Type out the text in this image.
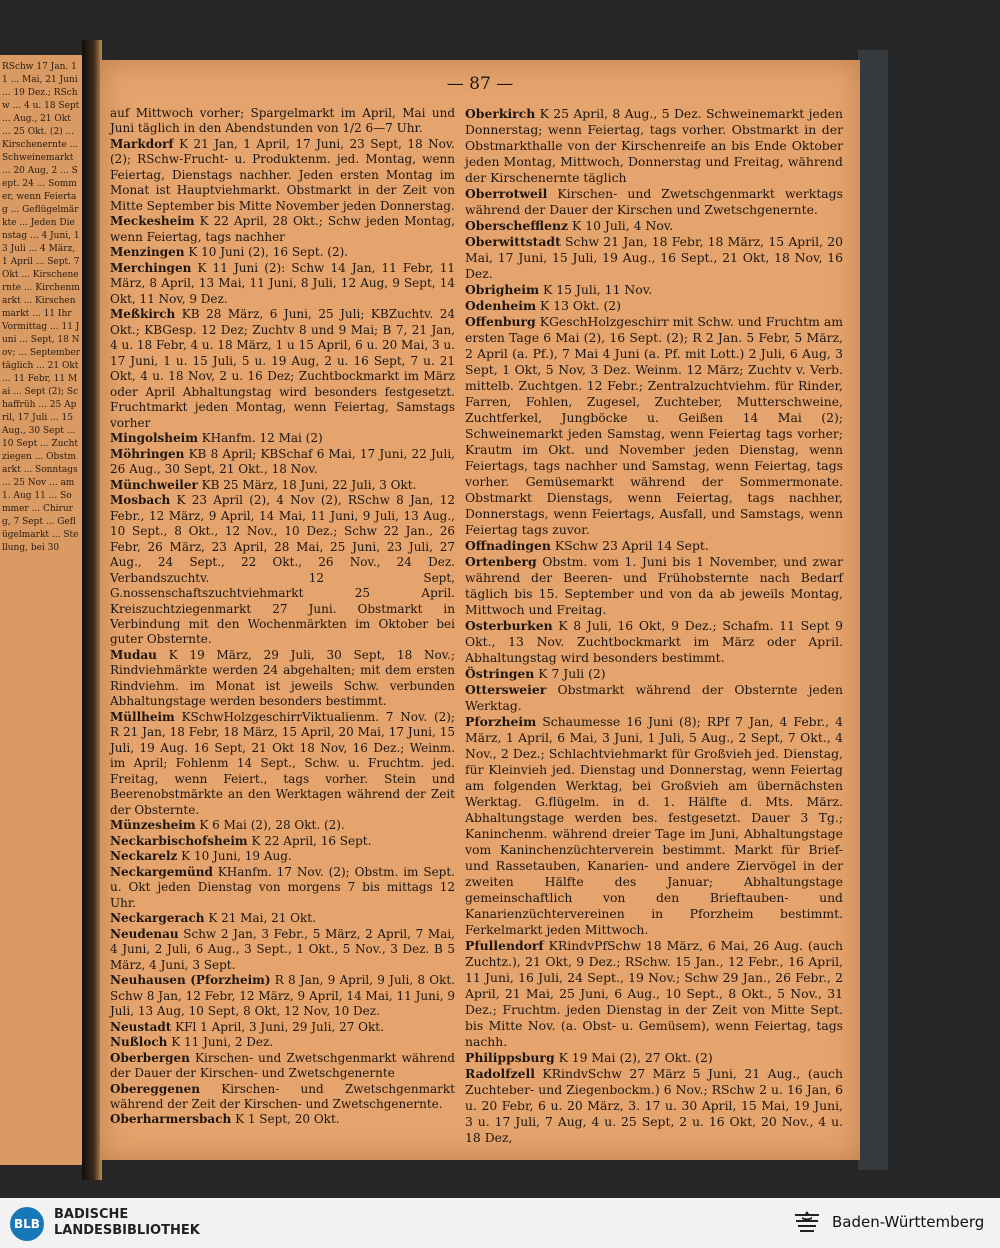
RSchw 17 Jan. 11 ... Mai, 21 Juni ... 19 Dez.; RSchw ... 4 u. 18 Sept ... Aug., 21 Okt ... 25 Okt. (2) ... Kirschenernte ... Schweinemarkt ... 20 Aug, 2 ... Sept. 24 ... Sommer, wenn Feiertag ... Geflügelmärkte ... Jeden Dienstag ... 4 Juni, 13 Juli ... 4 März, 1 April ... Sept. 7 Okt ... Kirschenernte ... Kirchenmarkt ... Kirschenmarkt ... 11 Ihr Vormittag ... 11 Juni ... Sept, 18 Nov; ... September täglich ... 21 Okt ... 11 Febr, 11 Mai ... Sept (2); Schaffrüh ... 25 April, 17 Juli ... 15 Aug., 30 Sept ... 10 Sept ... Zuchtziegen ... Obstmarkt ... Sonntags ... 25 Nov ... am 1. Aug 11 ... Sommer ... Chirurg, 7 Sept ... Geflügelmarkt ... Stellung, bei 30
— 87 —
auf Mittwoch vorher; Spargelmarkt im April, Mai und Juni täglich in den Abendstunden von 1/2 6—7 Uhr.
Markdorf K 21 Jan, 1 April, 17 Juni, 23 Sept, 18 Nov. (2); RSchw-Frucht- u. Produktenm. jed. Montag, wenn Feiertag, Dienstags nachher. Jeden ersten Montag im Monat ist Hauptviehmarkt. Obstmarkt in der Zeit von Mitte September bis Mitte November jeden Donnerstag.
Meckesheim K 22 April, 28 Okt.; Schw jeden Montag, wenn Feiertag, tags nachher
Menzingen K 10 Juni (2), 16 Sept. (2).
Merchingen K 11 Juni (2): Schw 14 Jan, 11 Febr, 11 März, 8 April, 13 Mai, 11 Juni, 8 Juli, 12 Aug, 9 Sept, 14 Okt, 11 Nov, 9 Dez.
Meßkirch KB 28 März, 6 Juni, 25 Juli; KBZuchtv. 24 Okt.; KBGesp. 12 Dez; Zuchtv 8 und 9 Mai; B 7, 21 Jan, 4 u. 18 Febr, 4 u. 18 März, 1 u 15 April, 6 u. 20 Mai, 3 u. 17 Juni, 1 u. 15 Juli, 5 u. 19 Aug, 2 u. 16 Sept, 7 u. 21 Okt, 4 u. 18 Nov, 2 u. 16 Dez; Zuchtbockmarkt im März oder April Abhaltungstag wird besonders festgesetzt. Fruchtmarkt jeden Montag, wenn Feiertag, Samstags vorher
Mingolsheim KHanfm. 12 Mai (2)
Möhringen KB 8 April; KBSchaf 6 Mai, 17 Juni, 22 Juli, 26 Aug., 30 Sept, 21 Okt., 18 Nov.
Münchweiler KB 25 März, 18 Juni, 22 Juli, 3 Okt.
Mosbach K 23 April (2), 4 Nov (2), RSchw 8 Jan, 12 Febr., 12 März, 9 April, 14 Mai, 11 Juni, 9 Juli, 13 Aug., 10 Sept., 8 Okt., 12 Nov., 10 Dez.; Schw 22 Jan., 26 Febr, 26 März, 23 April, 28 Mai, 25 Juni, 23 Juli, 27 Aug., 24 Sept., 22 Okt., 26 Nov., 24 Dez. Verbandszuchtv. 12 Sept, G.nossenschaftszuchtviehmarkt 25 April. Kreiszuchtziegenmarkt 27 Juni. Obstmarkt in Verbindung mit den Wochenmärkten im Oktober bei guter Obsternte.
Mudau K 19 März, 29 Juli, 30 Sept, 18 Nov.; Rindviehmärkte werden 24 abgehalten; mit dem ersten Rindviehm. im Monat ist jeweils Schw. verbunden Abhaltungstage werden besonders bestimmt.
Müllheim KSchwHolzgeschirrViktualienm. 7 Nov. (2); R 21 Jan, 18 Febr, 18 März, 15 April, 20 Mai, 17 Juni, 15 Juli, 19 Aug. 16 Sept, 21 Okt 18 Nov, 16 Dez.; Weinm. im April; Fohlenm 14 Sept., Schw. u. Fruchtm. jed. Freitag, wenn Feiert., tags vorher. Stein und Beerenobstmärkte an den Werktagen während der Zeit der Obsternte.
Münzesheim K 6 Mai (2), 28 Okt. (2).
Neckarbischofsheim K 22 April, 16 Sept.
Neckarelz K 10 Juni, 19 Aug.
Neckargemünd KHanfm. 17 Nov. (2); Obstm. im Sept. u. Okt jeden Dienstag von morgens 7 bis mittags 12 Uhr.
Neckargerach K 21 Mai, 21 Okt.
Neudenau Schw 2 Jan, 3 Febr., 5 März, 2 April, 7 Mai, 4 Juni, 2 Juli, 6 Aug., 3 Sept., 1 Okt., 5 Nov., 3 Dez. B 5 März, 4 Juni, 3 Sept.
Neuhausen (Pforzheim) R 8 Jan, 9 April, 9 Juli, 8 Okt. Schw 8 Jan, 12 Febr, 12 März, 9 April, 14 Mai, 11 Juni, 9 Juli, 13 Aug, 10 Sept, 8 Okt, 12 Nov, 10 Dez.
Neustadt KFl 1 April, 3 Juni, 29 Juli, 27 Okt.
Nußloch K 11 Juni, 2 Dez.
Oberbergen Kirschen- und Zwetschgenmarkt während der Dauer der Kirschen- und Zwetschgenernte
Obereggenen Kirschen- und Zwetschgenmarkt während der Zeit der Kirschen- und Zwetschgenernte.
Oberharmersbach K 1 Sept, 20 Okt.
Oberkirch K 25 April, 8 Aug., 5 Dez. Schweinemarkt jeden Donnerstag; wenn Feiertag, tags vorher. Obstmarkt in der Obstmarkthalle von der Kirschenreife an bis Ende Oktober jeden Montag, Mittwoch, Donnerstag und Freitag, während der Kirschenernte täglich
Oberrotweil Kirschen- und Zwetschgenmarkt werktags während der Dauer der Kirschen und Zwetschgenernte.
Oberschefflenz K 10 Juli, 4 Nov.
Oberwittstadt Schw 21 Jan, 18 Febr, 18 März, 15 April, 20 Mai, 17 Juni, 15 Juli, 19 Aug., 16 Sept., 21 Okt, 18 Nov, 16 Dez.
Obrigheim K 15 Juli, 11 Nov.
Odenheim K 13 Okt. (2)
Offenburg KGeschHolzgeschirr mit Schw. und Fruchtm am ersten Tage 6 Mai (2), 16 Sept. (2); R 2 Jan. 5 Febr, 5 März, 2 April (a. Pf.), 7 Mai 4 Juni (a. Pf. mit Lott.) 2 Juli, 6 Aug, 3 Sept, 1 Okt, 5 Nov, 3 Dez. Weinm. 12 März; Zuchtv v. Verb. mittelb. Zuchtgen. 12 Febr.; Zentralzuchtviehm. für Rinder, Farren, Fohlen, Zugesel, Zuchteber, Mutterschweine, Zuchtferkel, Jungböcke u. Geißen 14 Mai (2); Schweinemarkt jeden Samstag, wenn Feiertag tags vorher; Krautm im Okt. und November jeden Dienstag, wenn Feiertags, tags nachher und Samstag, wenn Feiertag, tags vorher. Gemüsemarkt während der Sommermonate. Obstmarkt Dienstags, wenn Feiertag, tags nachher, Donnerstags, wenn Feiertags, Ausfall, und Samstags, wenn Feiertag tags zuvor.
Offnadingen KSchw 23 April 14 Sept.
Ortenberg Obstm. vom 1. Juni bis 1 November, und zwar während der Beeren- und Frühobsternte nach Bedarf täglich bis 15. September und von da ab jeweils Montag, Mittwoch und Freitag.
Osterburken K 8 Juli, 16 Okt, 9 Dez.; Schafm. 11 Sept 9 Okt., 13 Nov. Zuchtbockmarkt im März oder April. Abhaltungstag wird besonders bestimmt.
Östringen K 7 Juli (2)
Ottersweier Obstmarkt während der Obsternte jeden Werktag.
Pforzheim Schaumesse 16 Juni (8); RPf 7 Jan, 4 Febr., 4 März, 1 April, 6 Mai, 3 Juni, 1 Juli, 5 Aug., 2 Sept, 7 Okt., 4 Nov., 2 Dez.; Schlachtviehmarkt für Großvieh jed. Dienstag, für Kleinvieh jed. Dienstag und Donnerstag, wenn Feiertag am folgenden Werktag, bei Großvieh am übernächsten Werktag. G.flügelm. in d. 1. Hälfte d. Mts. März. Abhaltungstage werden bes. festgesetzt. Dauer 3 Tg.; Kaninchenm. während dreier Tage im Juni, Abhaltungstage vom Kaninchenzüchterverein bestimmt. Markt für Brief- und Rassetauben, Kanarien- und andere Ziervögel in der zweiten Hälfte des Januar; Abhaltungstage gemeinschaftlich von den Brieftauben- und Kanarienzüchtervereinen in Pforzheim bestimmt. Ferkelmarkt jeden Mittwoch.
Pfullendorf KRindvPfSchw 18 März, 6 Mai, 26 Aug. (auch Zuchtz.), 21 Okt, 9 Dez.; RSchw. 15 Jan., 12 Febr., 16 April, 11 Juni, 16 Juli, 24 Sept., 19 Nov.; Schw 29 Jan., 26 Febr., 2 April, 21 Mai, 25 Juni, 6 Aug., 10 Sept., 8 Okt., 5 Nov., 31 Dez.; Fruchtm. jeden Dienstag in der Zeit von Mitte Sept. bis Mitte Nov. (a. Obst- u. Gemüsem), wenn Feiertag, tags nachh.
Philippsburg K 19 Mai (2), 27 Okt. (2)
Radolfzell KRindvSchw 27 März 5 Juni, 21 Aug., (auch Zuchteber- und Ziegenbockm.) 6 Nov.; RSchw 2 u. 16 Jan, 6 u. 20 Febr, 6 u. 20 März, 3. 17 u. 30 April, 15 Mai, 19 Juni, 3 u. 17 Juli, 7 Aug, 4 u. 25 Sept, 2 u. 16 Okt, 20 Nov., 4 u. 18 Dez,
BLB
BADISCHE
LANDESBIBLIOTHEK	Baden-Württemberg
